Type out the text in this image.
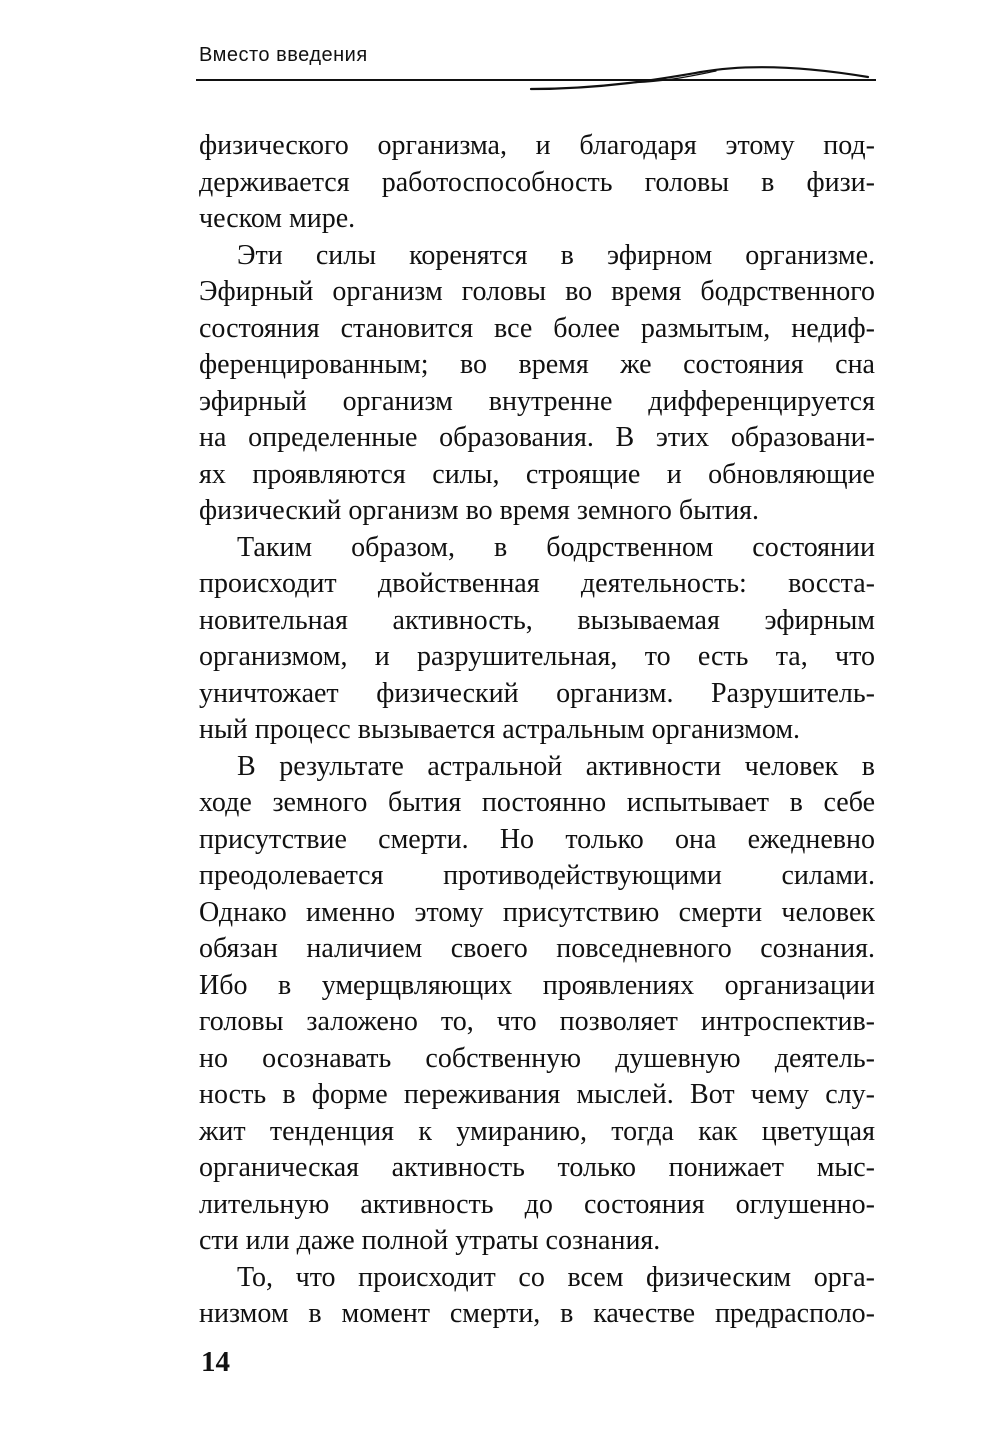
Вместо введения
физического организма, и благодаря этому под-
держивается работоспособность головы в физи-
ческом мире.
Эти силы коренятся в эфирном организме.
Эфирный организм головы во время бодрственного
состояния становится все более размытым, недиф-
ференцированным; во время же состояния сна
эфирный организм внутренне дифференцируется
на определенные образования. В этих образовани-
ях проявляются силы, строящие и обновляющие
физический организм во время земного бытия.
Таким образом, в бодрственном состоянии
происходит двойственная деятельность: восста-
новительная активность, вызываемая эфирным
организмом, и разрушительная, то есть та, что
уничтожает физический организм. Разрушитель-
ный процесс вызывается астральным организмом.
В результате астральной активности человек в
ходе земного бытия постоянно испытывает в себе
присутствие смерти. Но только она ежедневно
преодолевается противодействующими силами.
Однако именно этому присутствию смерти человек
обязан наличием своего повседневного сознания.
Ибо в умерщвляющих проявлениях организации
головы заложено то, что позволяет интроспектив-
но осознавать собственную душевную деятель-
ность в форме переживания мыслей. Вот чему слу-
жит тенденция к умиранию, тогда как цветущая
органическая активность только понижает мыс-
лительную активность до состояния оглушенно-
сти или даже полной утраты сознания.
То, что происходит со всем физическим орга-
низмом в момент смерти, в качестве предрасполо-
14
